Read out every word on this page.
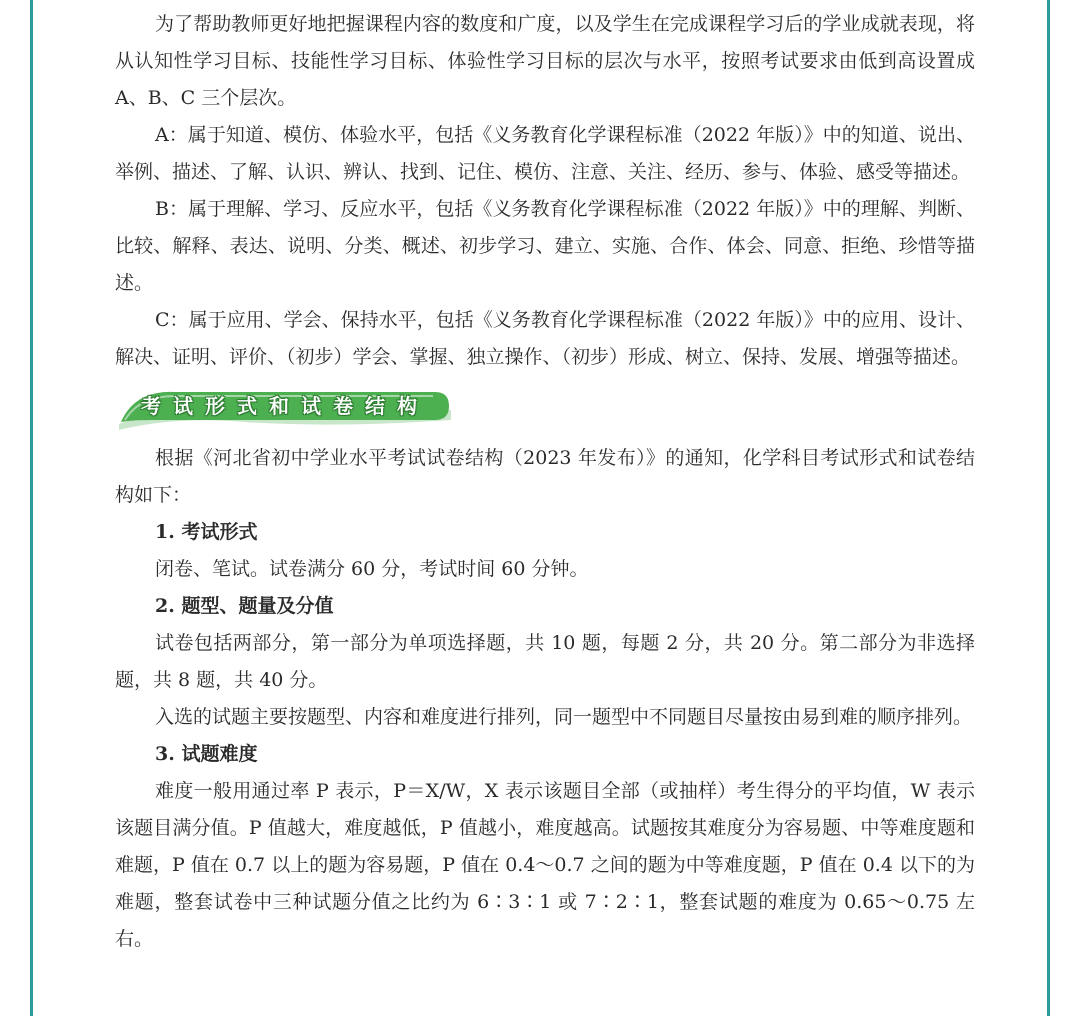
为了帮助教师更好地把握课程内容的数度和广度，以及学生在完成课程学习后的学业成就表现，将从认知性学习目标、技能性学习目标、体验性学习目标的层次与水平，按照考试要求由低到高设置成 A、B、C 三个层次。

A：属于知道、模仿、体验水平，包括《义务教育化学课程标准（2022 年版）》中的知道、说出、举例、描述、了解、认识、辨认、找到、记住、模仿、注意、关注、经历、参与、体验、感受等描述。

B：属于理解、学习、反应水平，包括《义务教育化学课程标准（2022 年版）》中的理解、判断、比较、解释、表达、说明、分类、概述、初步学习、建立、实施、合作、体会、同意、拒绝、珍惜等描述。

C：属于应用、学会、保持水平，包括《义务教育化学课程标准（2022 年版）》中的应用、设计、解决、证明、评价、（初步）学会、掌握、独立操作、（初步）形成、树立、保持、发展、增强等描述。

考试形式和试卷结构

根据《河北省初中学业水平考试试卷结构（2023 年发布）》的通知，化学科目考试形式和试卷结构如下：

1. 考试形式

闭卷、笔试。试卷满分 60 分，考试时间 60 分钟。

2. 题型、题量及分值

试卷包括两部分，第一部分为单项选择题，共 10 题，每题 2 分，共 20 分。第二部分为非选择题，共 8 题，共 40 分。

入选的试题主要按题型、内容和难度进行排列，同一题型中不同题目尽量按由易到难的顺序排列。

3. 试题难度

难度一般用通过率 P 表示，P＝X/W，X 表示该题目全部（或抽样）考生得分的平均值，W 表示该题目满分值。P 值越大，难度越低，P 值越小，难度越高。试题按其难度分为容易题、中等难度题和难题，P 值在 0.7 以上的题为容易题，P 值在 0.4～0.7 之间的题为中等难度题，P 值在 0.4 以下的为难题，整套试卷中三种试题分值之比约为 6∶3∶1 或 7∶2∶1，整套试题的难度为 0.65～0.75 左右。
